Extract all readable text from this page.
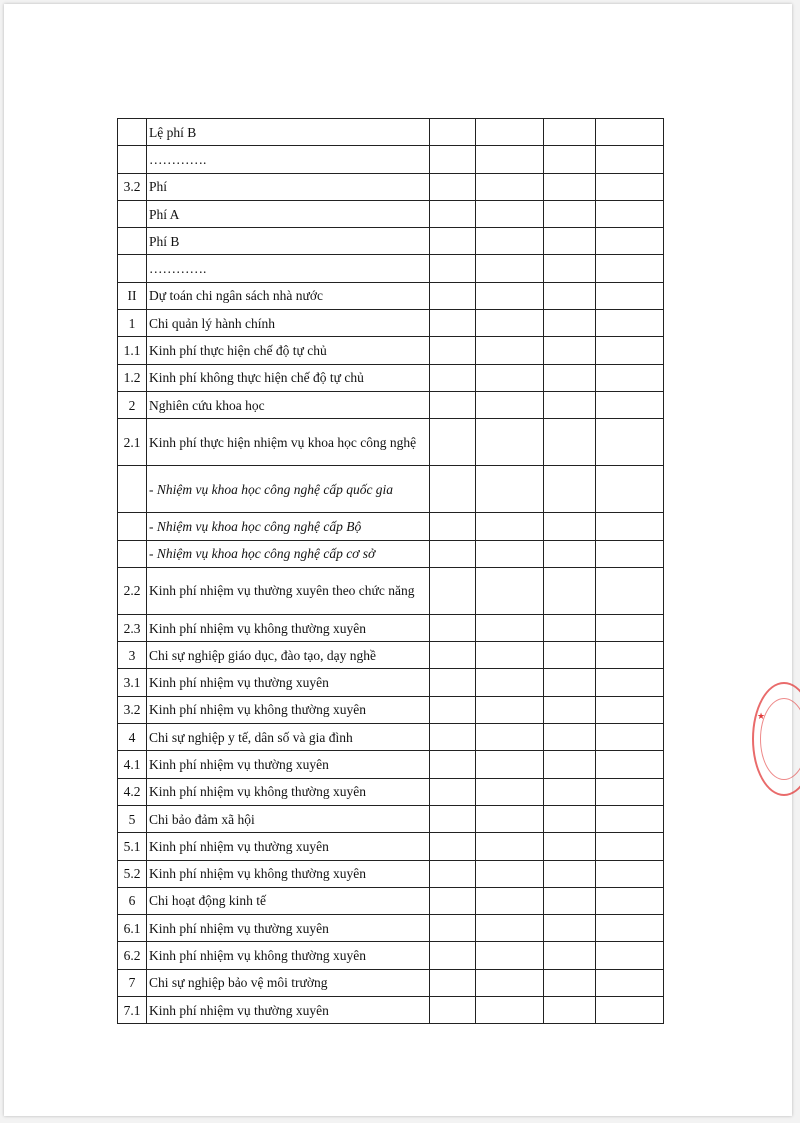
	Lệ phí B				
	………….				
3.2	Phí				
	Phí A				
	Phí B				
	………….				
II	Dự toán chi ngân sách nhà nước				
1	Chi quản lý hành chính				
1.1	Kinh phí thực hiện chế độ tự chủ				
1.2	Kinh phí không thực hiện chế độ tự chủ				
2	Nghiên cứu khoa học				
2.1	Kinh phí thực hiện nhiệm vụ khoa học công nghệ				
	- Nhiệm vụ khoa học công nghệ cấp quốc gia				
	- Nhiệm vụ khoa học công nghệ cấp Bộ				
	- Nhiệm vụ khoa học công nghệ cấp cơ sở				
2.2	Kinh phí nhiệm vụ thường xuyên theo chức năng				
2.3	Kinh phí nhiệm vụ không thường xuyên				
3	Chi sự nghiệp giáo dục, đào tạo, dạy nghề				
3.1	Kinh phí nhiệm vụ thường xuyên				
3.2	Kinh phí nhiệm vụ không thường xuyên				
4	Chi sự nghiệp y tế, dân số và gia đình				
4.1	Kinh phí nhiệm vụ thường xuyên				
4.2	Kinh phí nhiệm vụ không thường xuyên				
5	Chi bảo đảm xã hội				
5.1	Kinh phí nhiệm vụ thường xuyên				
5.2	Kinh phí nhiệm vụ không thường xuyên				
6	Chi hoạt động kinh tế				
6.1	Kinh phí nhiệm vụ thường xuyên				
6.2	Kinh phí nhiệm vụ không thường xuyên				
7	Chi sự nghiệp bảo vệ môi trường				
7.1	Kinh phí nhiệm vụ thường xuyên				
★
